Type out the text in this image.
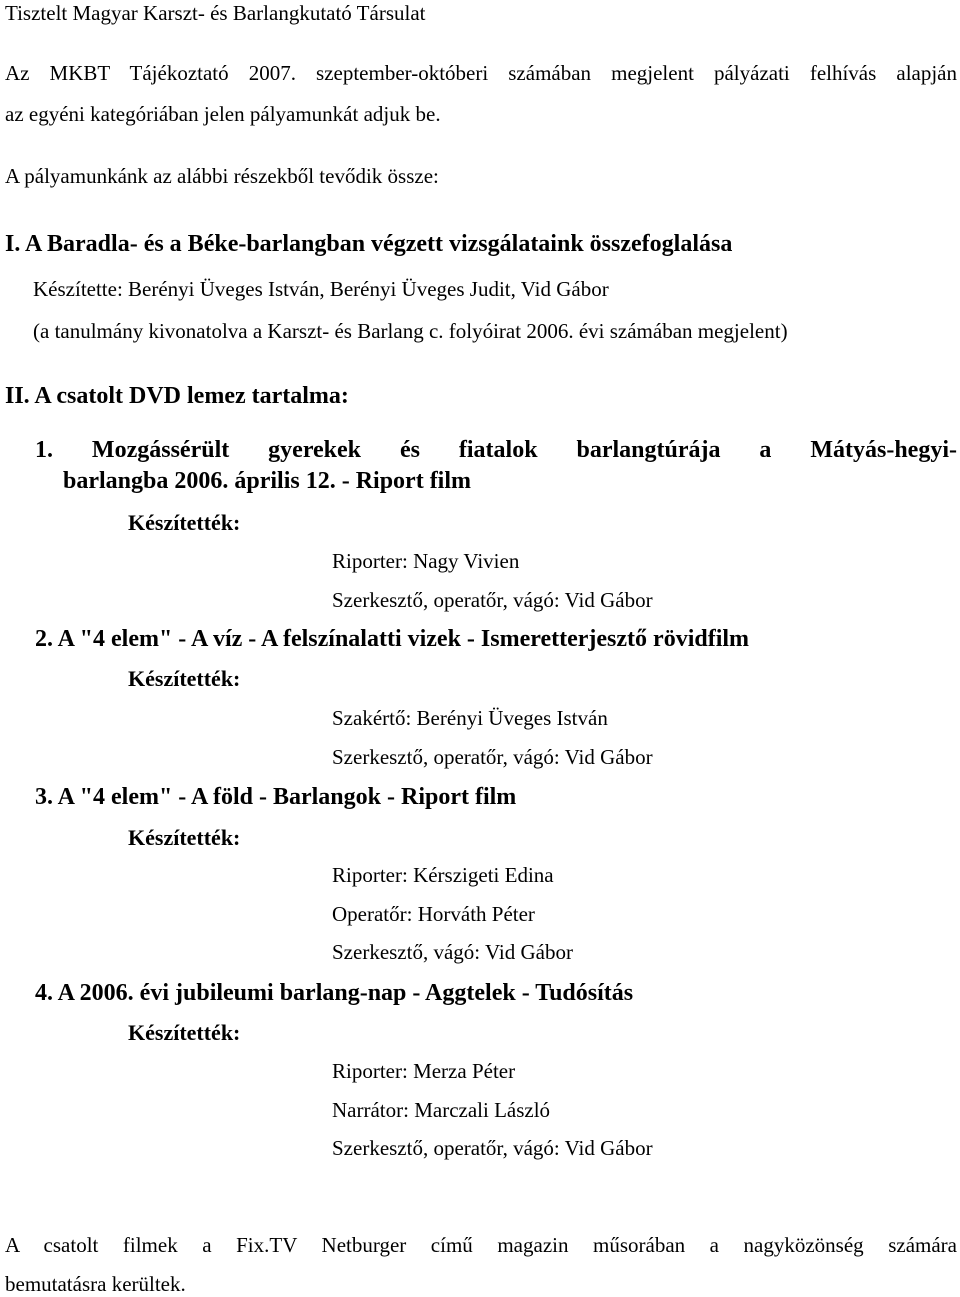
Tisztelt Magyar Karszt- és Barlangkutató Társulat
Az MKBT Tájékoztató 2007. szeptember-októberi számában megjelent pályázati felhívás alapján
az egyéni kategóriában jelen pályamunkát adjuk be.
A pályamunkánk az alábbi részekből tevődik össze:
I. A Baradla- és a Béke-barlangban végzett vizsgálataink összefoglalása
Készítette: Berényi Üveges István, Berényi Üveges Judit, Vid Gábor
(a tanulmány kivonatolva a Karszt- és Barlang c. folyóirat 2006. évi számában megjelent)
II. A csatolt DVD lemez tartalma:
1. Mozgássérült gyerekek és fiatalok barlangtúrája a Mátyás-hegyi-
barlangba 2006. április 12. - Riport film
Készítették:
Riporter: Nagy Vivien
Szerkesztő, operatőr, vágó: Vid Gábor
2. A "4 elem" - A víz - A felszínalatti vizek - Ismeretterjesztő rövidfilm
Készítették:
Szakértő: Berényi Üveges István
Szerkesztő, operatőr, vágó: Vid Gábor
3. A "4 elem" - A föld - Barlangok - Riport film
Készítették:
Riporter: Kérszigeti Edina
Operatőr: Horváth Péter
Szerkesztő, vágó: Vid Gábor
4. A 2006. évi jubileumi barlang-nap - Aggtelek - Tudósítás
Készítették:
Riporter: Merza Péter
Narrátor: Marczali László
Szerkesztő, operatőr, vágó: Vid Gábor
A csatolt filmek a Fix.TV Netburger című magazin műsorában a nagyközönség számára
bemutatásra kerültek.
